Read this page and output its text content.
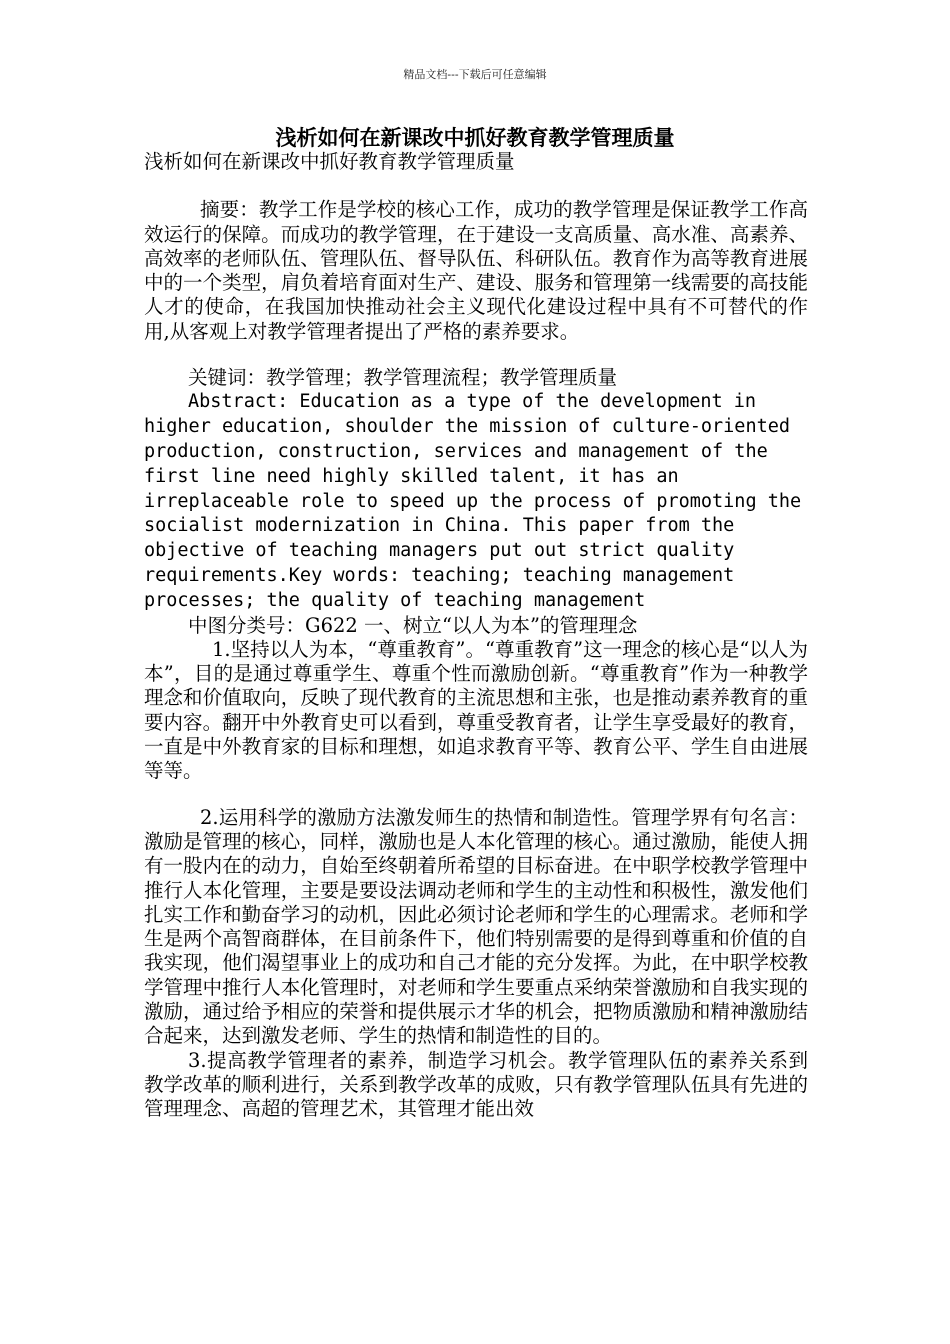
精品文档---下载后可任意编辑
浅析如何在新课改中抓好教育教学管理质量

浅析如何在新课改中抓好教育教学管理质量

摘要：教学工作是学校的核心工作，成功的教学管理是保证教学工作高效运行的保障。而成功的教学管理，在于建设一支高质量、高水准、高素养、高效率的老师队伍、管理队伍、督导队伍、科研队伍。教育作为高等教育进展中的一个类型，肩负着培育面对生产、建设、服务和管理第一线需要的高技能人才的使命，在我国加快推动社会主义现代化建设过程中具有不可替代的作用,从客观上对教学管理者提出了严格的素养要求。

关键词：教学管理；教学管理流程；教学管理质量

Abstract: Education as a type of the development in higher education, shoulder the mission of culture-oriented production, construction, services and management of the first line need highly skilled talent, it has an irreplaceable role to speed up the process of promoting the socialist modernization in China. This paper from the objective of teaching managers put out strict quality requirements.Key words: teaching; teaching management processes; the quality of teaching management

中图分类号：G622 一、树立“以人为本”的管理理念

1.坚持以人为本，“尊重教育”。“尊重教育”这一理念的核心是“以人为本”，目的是通过尊重学生、尊重个性而激励创新。“尊重教育”作为一种教学理念和价值取向，反映了现代教育的主流思想和主张，也是推动素养教育的重要内容。翻开中外教育史可以看到，尊重受教育者，让学生享受最好的教育，一直是中外教育家的目标和理想，如追求教育平等、教育公平、学生自由进展等等。

2.运用科学的激励方法激发师生的热情和制造性。管理学界有句名言：激励是管理的核心，同样，激励也是人本化管理的核心。通过激励，能使人拥有一股内在的动力，自始至终朝着所希望的目标奋进。在中职学校教学管理中推行人本化管理，主要是要设法调动老师和学生的主动性和积极性，激发他们扎实工作和勤奋学习的动机，因此必须讨论老师和学生的心理需求。老师和学生是两个高智商群体，在目前条件下，他们特别需要的是得到尊重和价值的自我实现，他们渴望事业上的成功和自己才能的充分发挥。为此，在中职学校教学管理中推行人本化管理时，对老师和学生要重点采纳荣誉激励和自我实现的激励，通过给予相应的荣誉和提供展示才华的机会，把物质激励和精神激励结合起来，达到激发老师、学生的热情和制造性的目的。

3.提高教学管理者的素养，制造学习机会。教学管理队伍的素养关系到教学改革的顺利进行，关系到教学改革的成败，只有教学管理队伍具有先进的管理理念、高超的管理艺术，其管理才能出效
